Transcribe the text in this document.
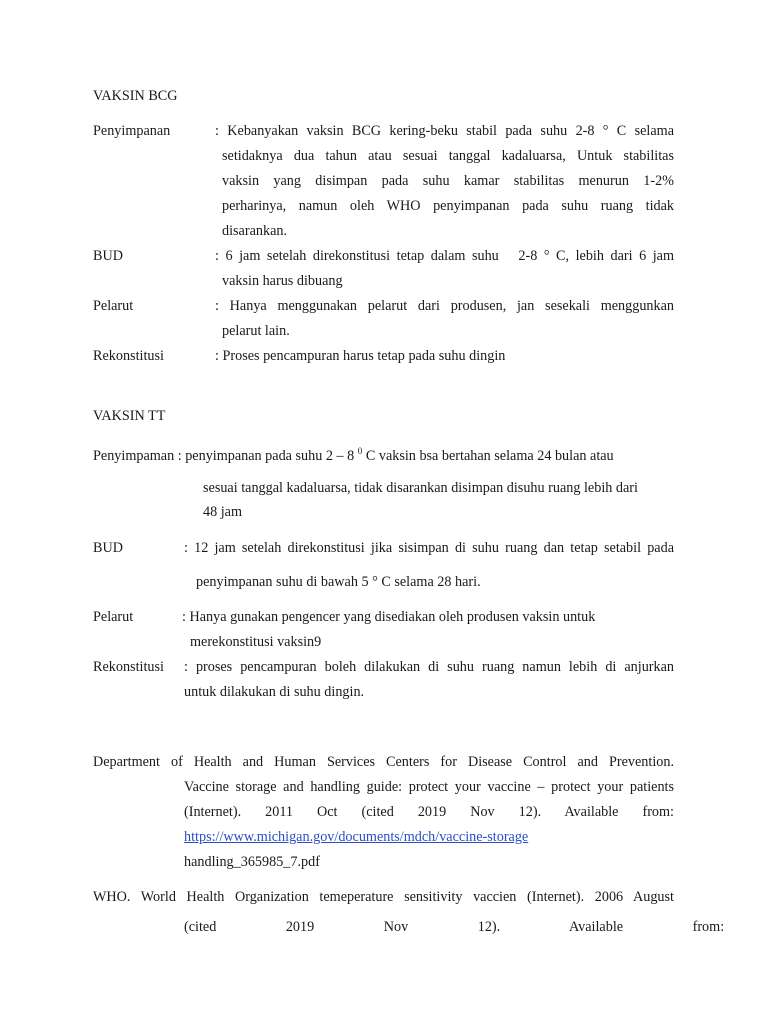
VAKSIN BCG
Penyimpanan	: Kebanyakan vaksin BCG kering-beku stabil pada suhu 2-8 ° C selama
setidaknya dua tahun atau sesuai tanggal kadaluarsa, Untuk stabilitas
vaksin yang disimpan pada suhu kamar stabilitas menurun 1-2%
perharinya, namun oleh WHO penyimpanan pada suhu ruang tidak
disarankan.
BUD	: 6 jam setelah direkonstitusi tetap dalam suhu   2-8 ° C, lebih dari 6 jam
vaksin harus dibuang
Pelarut	: Hanya menggunakan pelarut dari produsen, jan sesekali menggunkan
pelarut lain.
Rekonstitusi	: Proses pencampuran harus tetap pada suhu dingin
VAKSIN TT
Penyimpaman : penyimpanan pada suhu 2 – 8 $^0$ C vaksin bsa bertahan selama 24 bulan atau
sesuai tanggal kadaluarsa, tidak disarankan disimpan disuhu ruang lebih dari
48 jam
BUD	: 12 jam setelah direkonstitusi jika sisimpan di suhu ruang dan tetap setabil pada
penyimpanan suhu di bawah 5 ° C selama 28 hari.
Pelarut	: Hanya gunakan pengencer yang disediakan oleh produsen vaksin untuk
merekonstitusi vaksin9
Rekonstitusi : proses pencampuran boleh dilakukan di suhu ruang namun lebih di anjurkan
untuk dilakukan di suhu dingin.
Department of Health and Human Services Centers for Disease Control and Prevention.
Vaccine storage and handling guide: protect your vaccine – protect your patients
(Internet).    2011    Oct    (cited    2019    Nov    12).    Available    from:
https://www.michigan.gov/documents/mdch/vaccine-storage
handling_365985_7.pdf
WHO. World Health Organization temeperature sensitivity vaccien (Internet). 2006 August
(cited 2019 Nov 12). Available from:
